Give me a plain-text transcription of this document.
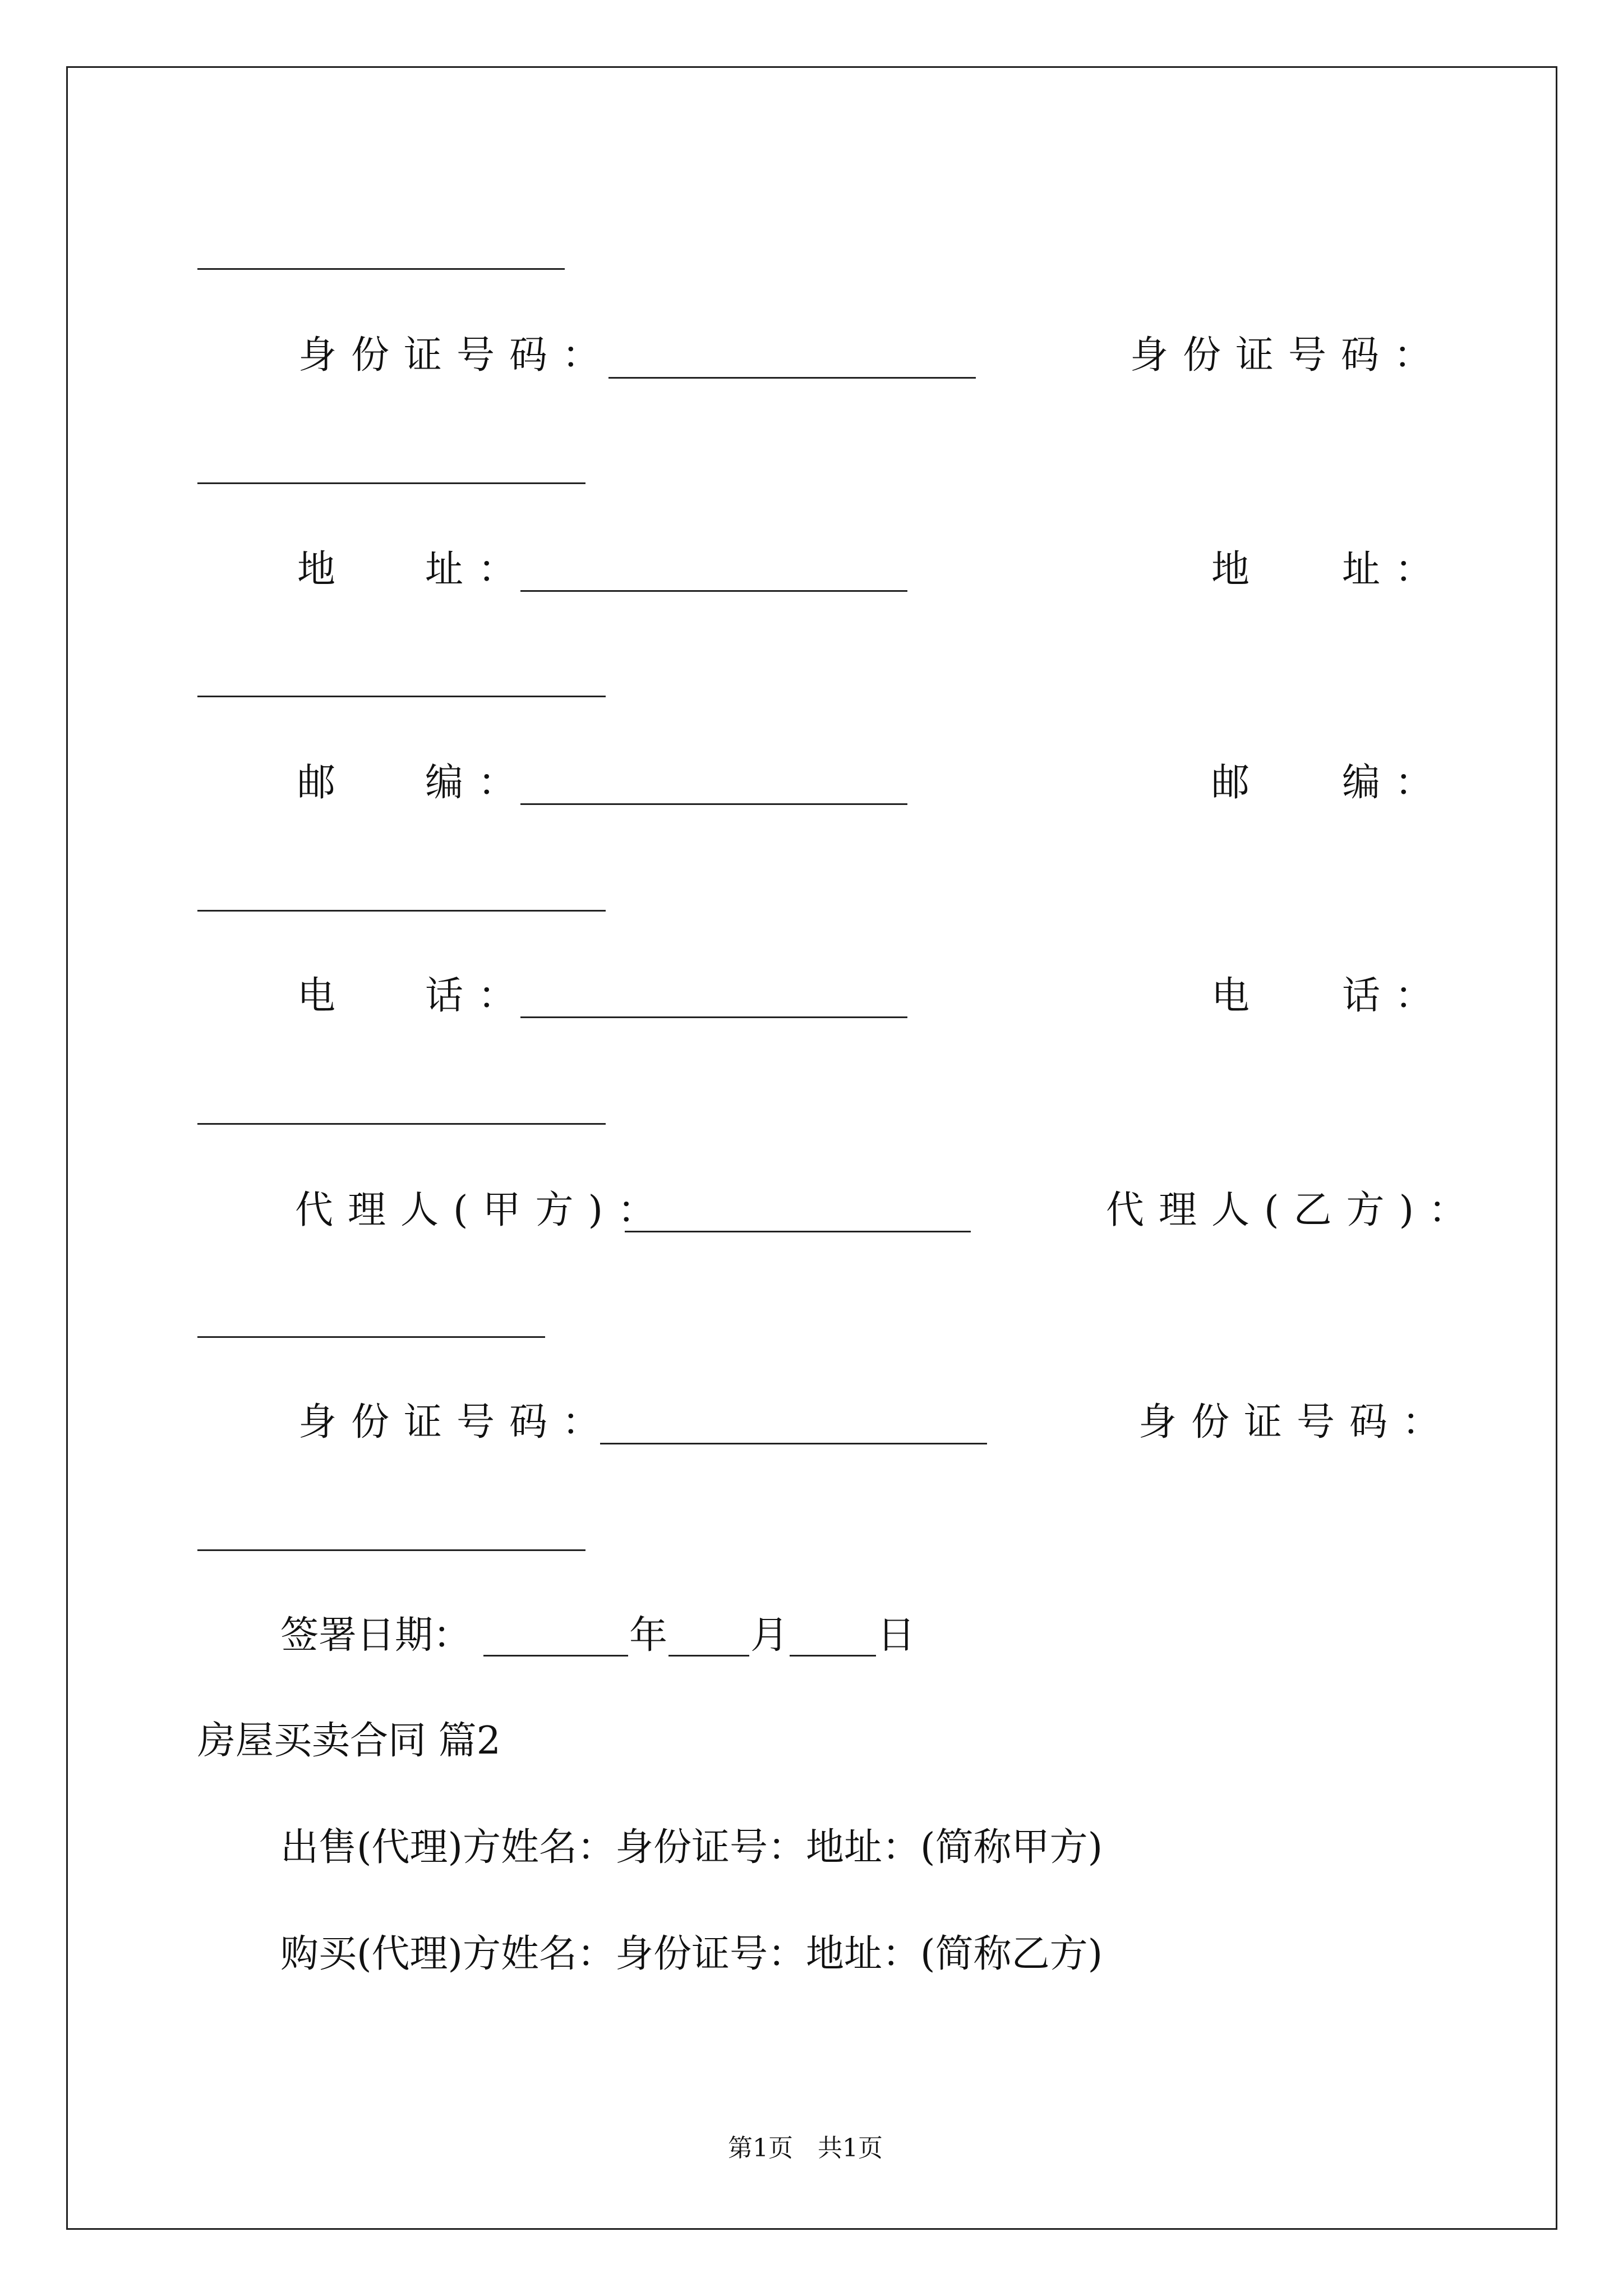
身份证号码：	身份证号码：
地 址：	地 址：
邮 编：	邮 编：
电 话：	电 话：
代理人(甲方)：	代理人(乙方)：
身份证号码：	身份证号码：
签署日期：	年 月 日
房屋买卖合同 篇2
出售(代理)方姓名：身份证号：地址：(简称甲方)
购买(代理)方姓名：身份证号：地址：(简称乙方)
第1页　共1页
